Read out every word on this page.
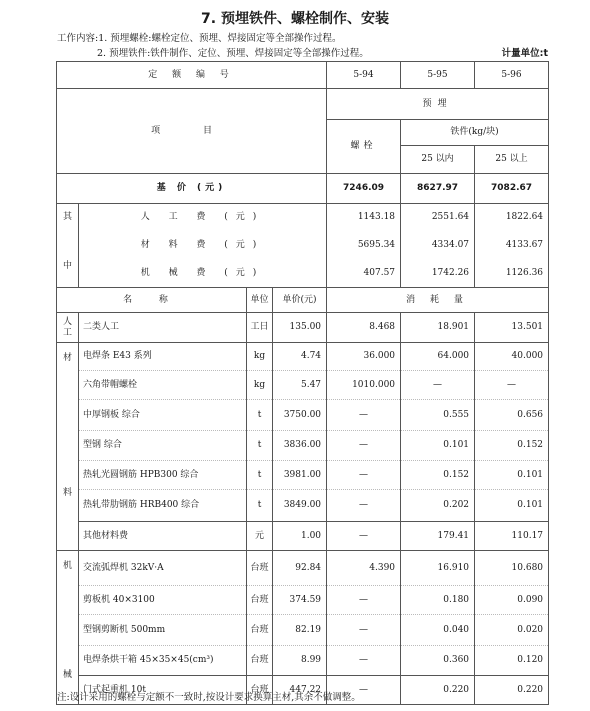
7. 预埋铁件、螺栓制作、安装
工作内容:1. 预埋螺栓:螺栓定位、预埋、焊接固定等全部操作过程。
2. 预埋铁件:铁件制作、定位、预埋、焊接固定等全部操作过程。	计量单位:t
定 额 编 号				5-94	5-95	5-96
项 目				预埋		
				螺栓	铁件(kg/块)	
					25 以内	25 以上
基 价 (元)				7246.09	8627.97	7082.67

其
中	人 工 费 (元)			1143.18	2551.64	1822.64
	材 料 费 (元)			5695.34	4334.07	4133.67
	机 械 费 (元)			407.57	1742.26	1126.36
名 称		单位	单价(元)	消 耗 量		
人工	二类人工	工日	135.00	8.468	18.901	13.501

材
料	电焊条 E43 系列	kg	4.74	36.000	64.000	40.000
	六角带帽螺栓	kg	5.47	1010.000	—	—
	中厚钢板 综合	t	3750.00	—	0.555	0.656
	型钢 综合	t	3836.00	—	0.101	0.152
	热轧光圆钢筋 HPB300 综合	t	3981.00	—	0.152	0.101
	热轧带肋钢筋 HRB400 综合	t	3849.00	—	0.202	0.101
	其他材料费	元	1.00	—	179.41	110.17

机
械	交流弧焊机 32kV·A	台班	92.84	4.390	16.910	10.680
	剪板机 40×3100	台班	374.59	—	0.180	0.090
	型钢剪断机 500mm	台班	82.19	—	0.040	0.020
	电焊条烘干箱 45×35×45(cm³)	台班	8.99	—	0.360	0.120
	门式起重机 10t	台班	447.22	—	0.220	0.220
注:设计采用的螺栓与定额不一致时,按设计要求换算主材,其余不做调整。
